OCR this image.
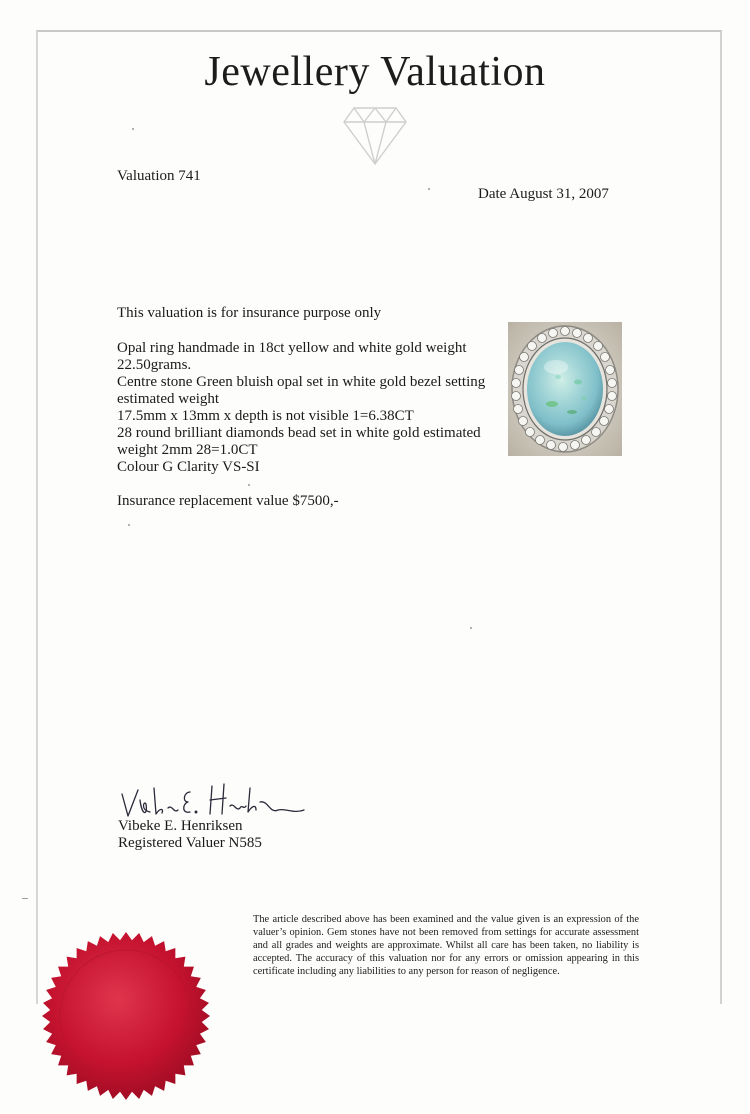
Jewellery Valuation
Valuation 741
Date August 31, 2007
This valuation is for insurance purpose only
Opal ring handmade in 18ct yellow and white gold weight
22.50grams.
Centre stone Green bluish opal set in white gold bezel setting
estimated weight
17.5mm x 13mm x depth is not visible 1=6.38CT
28 round brilliant diamonds bead set in white gold estimated
weight 2mm 28=1.0CT
Colour G Clarity VS-SI
Insurance replacement value $7500,-
Vibeke E. Henriksen
Registered Valuer N585
The article described above has been examined and the value given is an expression of the valuer’s opinion. Gem stones have not been removed from settings for accurate assessment and all grades and weights are approximate. Whilst all care has been taken, no liability is accepted. The accuracy of this valuation nor for any errors or omission appearing in this certificate including any liabilities to any person for reason of negligence.
